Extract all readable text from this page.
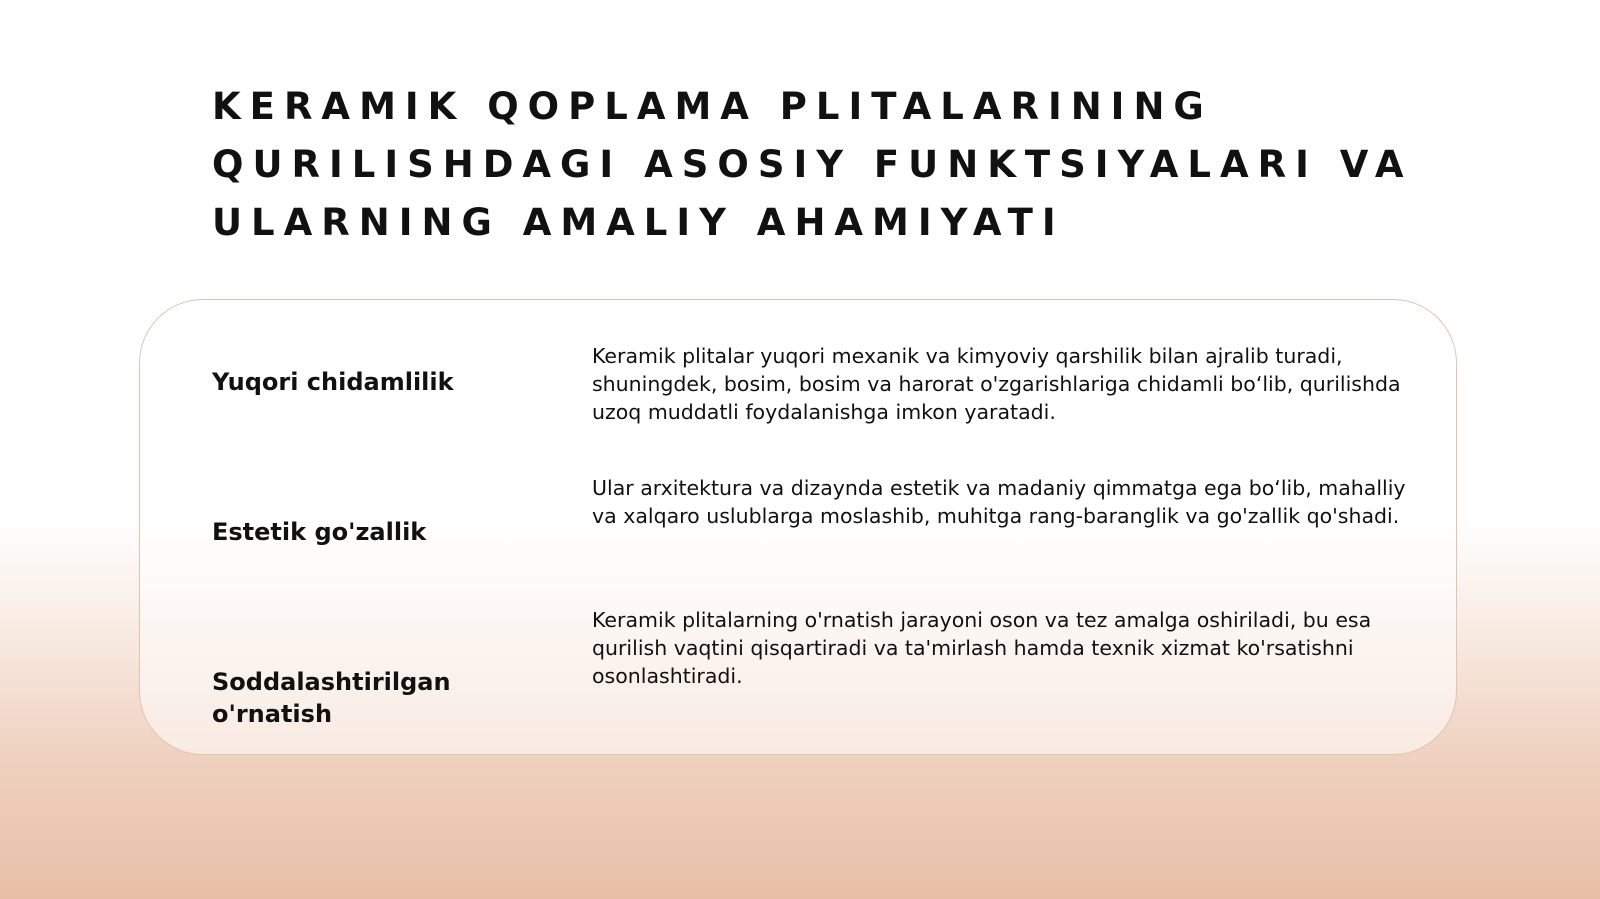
KERAMIK QOPLAMA PLITALARINING QURILISHDAGI ASOSIY FUNKTSIYALARI VA ULARNING AMALIY AHAMIYATI
Yuqori chidamlilik
Keramik plitalar yuqori mexanik va kimyoviy qarshilik bilan ajralib turadi, shuningdek, bosim, bosim va harorat o'zgarishlariga chidamli bo‘lib, qurilishda uzoq muddatli foydalanishga imkon yaratadi.
Estetik go'zallik
Ular arxitektura va dizaynda estetik va madaniy qimmatga ega bo‘lib, mahalliy va xalqaro uslublarga moslashib, muhitga rang-baranglik va go'zallik qo'shadi.
Soddalashtirilgan o'rnatish
Keramik plitalarning o'rnatish jarayoni oson va tez amalga oshiriladi, bu esa qurilish vaqtini qisqartiradi va ta'mirlash hamda texnik xizmat ko'rsatishni osonlashtiradi.
